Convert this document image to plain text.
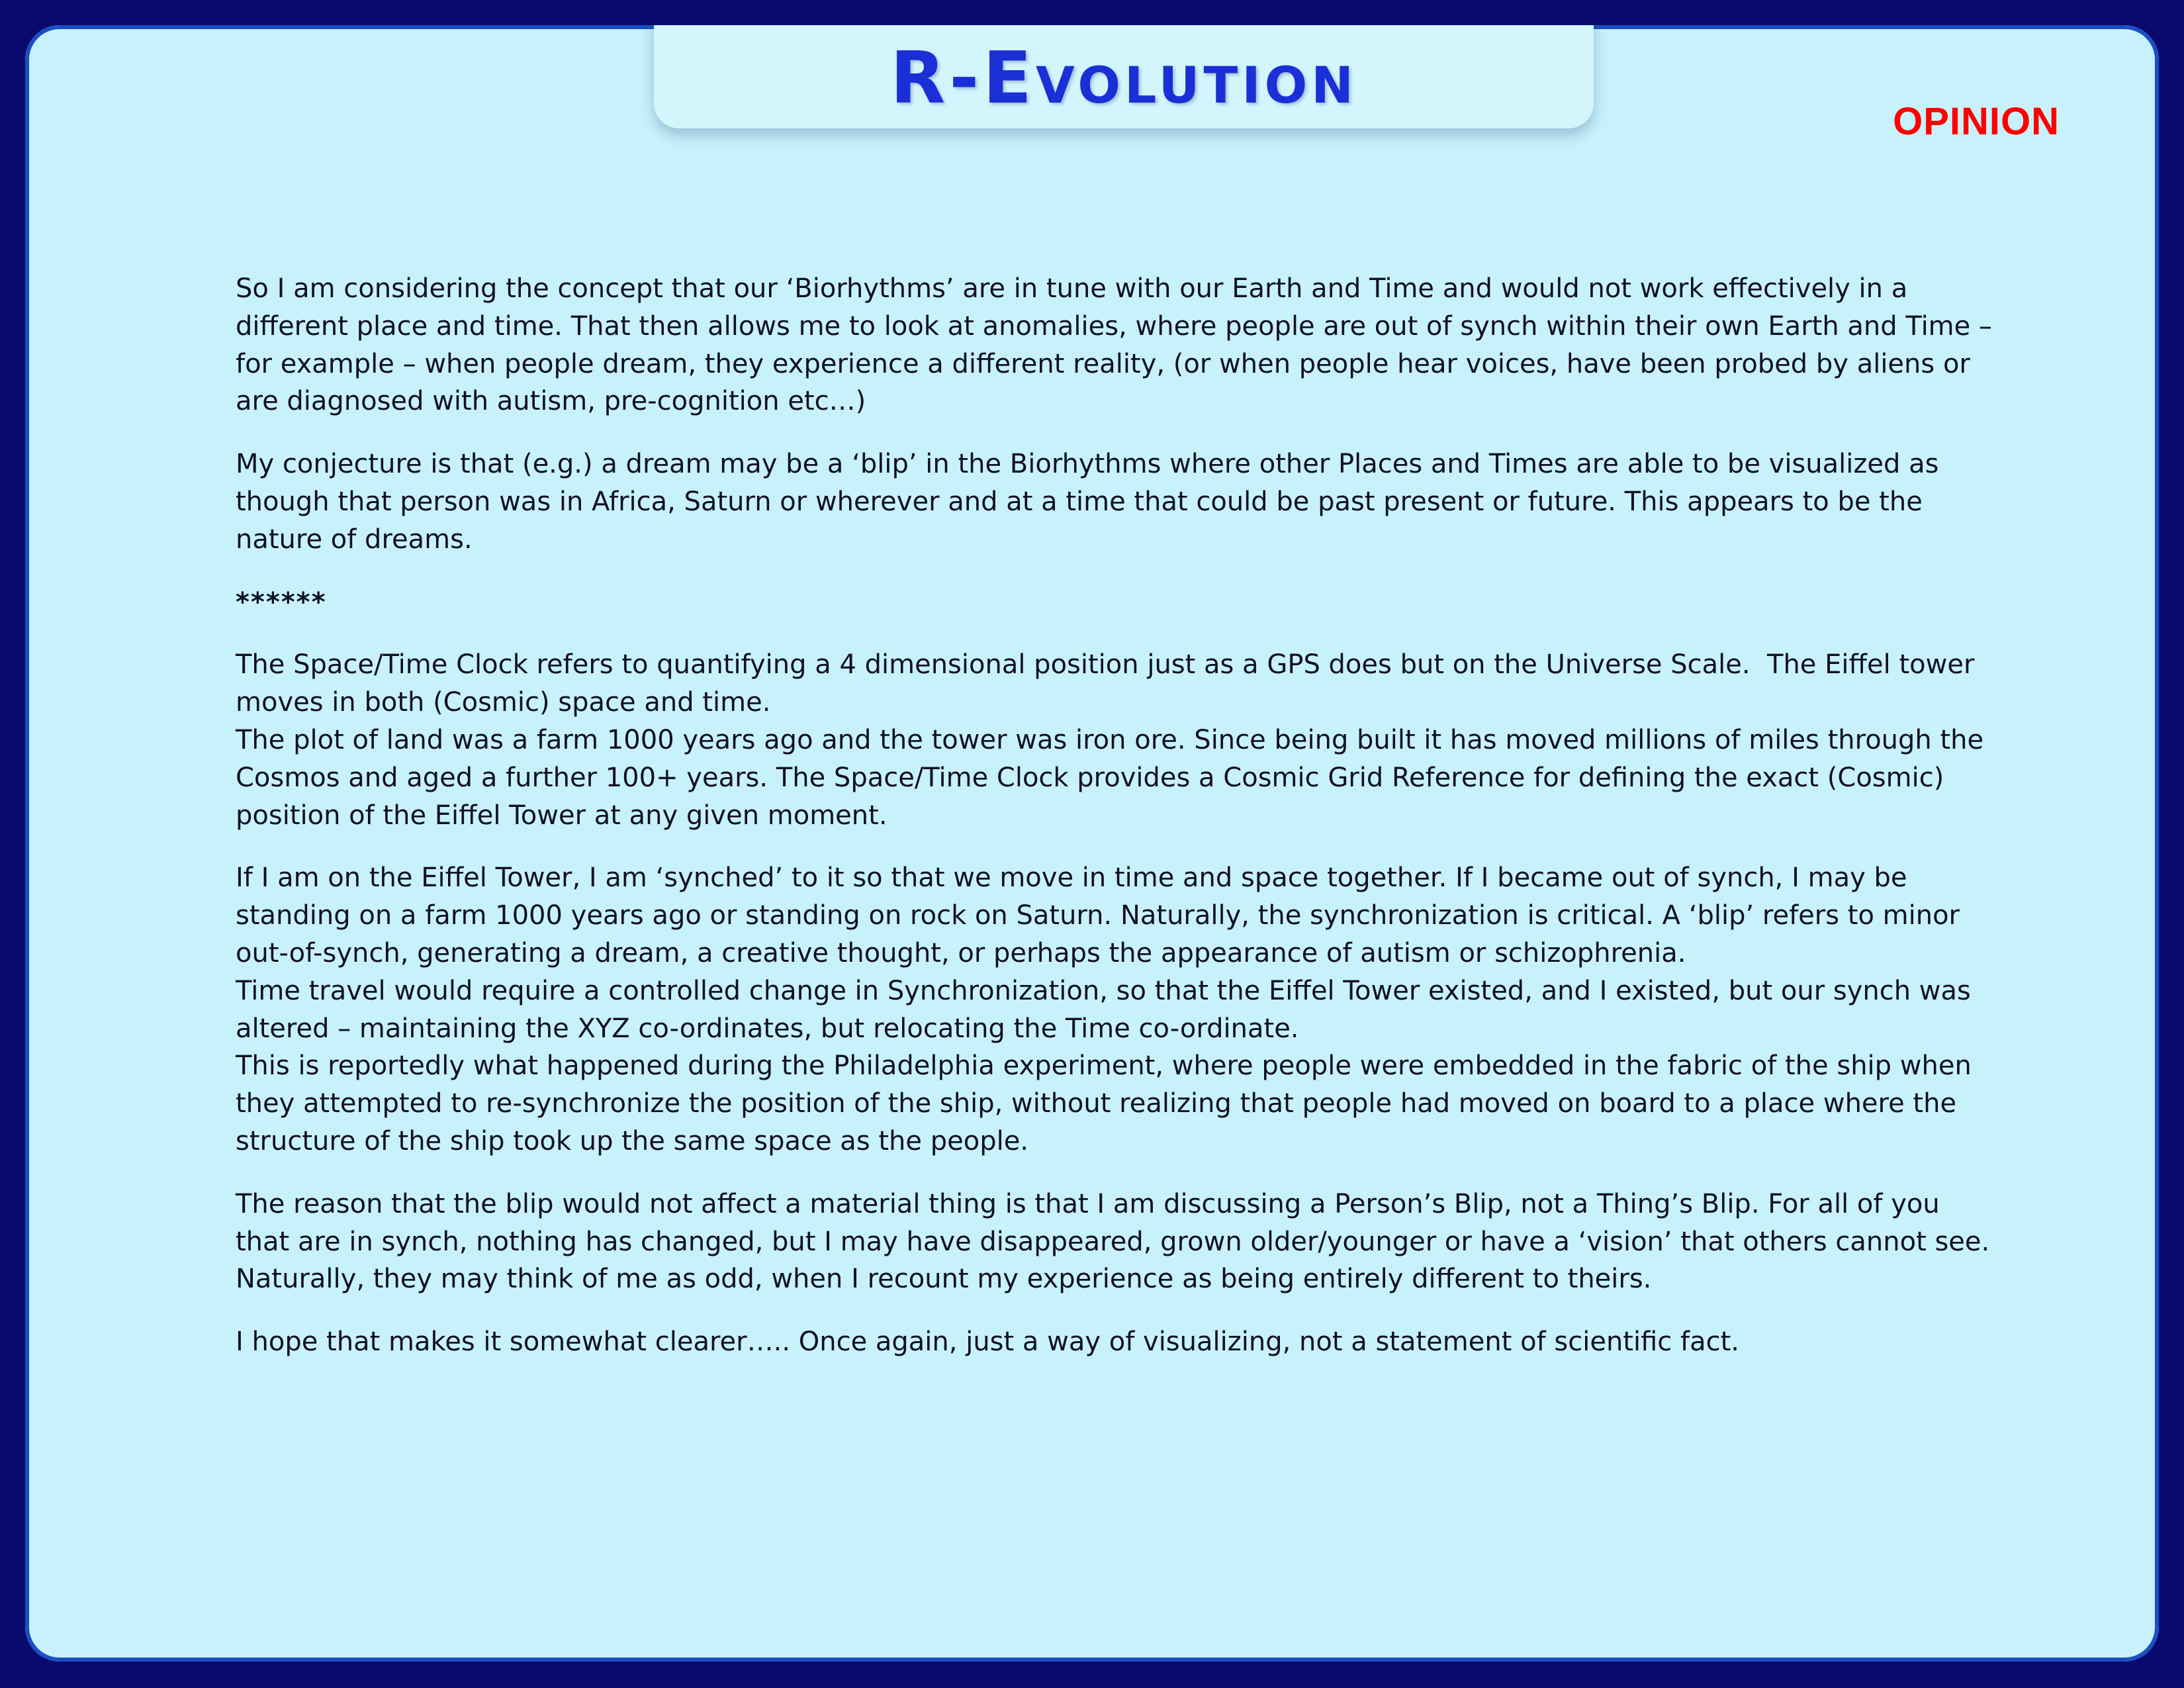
R-Evolution
OPINION

So I am considering the concept that our ‘Biorhythms’ are in tune with our Earth and Time and would not work effectively in a different place and time. That then allows me to look at anomalies, where people are out of synch within their own Earth and Time – for example – when people dream, they experience a different reality, (or when people hear voices, have been probed by aliens or are diagnosed with autism, pre-cognition etc…)

My conjecture is that (e.g.) a dream may be a ‘blip’ in the Biorhythms where other Places and Times are able to be visualized as though that person was in Africa, Saturn or wherever and at a time that could be past present or future. This appears to be the nature of dreams.

******

The Space/Time Clock refers to quantifying a 4 dimensional position just as a GPS does but on the Universe Scale.  The Eiffel tower moves in both (Cosmic) space and time.

The plot of land was a farm 1000 years ago and the tower was iron ore. Since being built it has moved millions of miles through the Cosmos and aged a further 100+ years. The Space/Time Clock provides a Cosmic Grid Reference for defining the exact (Cosmic) position of the Eiffel Tower at any given moment.

If I am on the Eiffel Tower, I am ‘synched’ to it so that we move in time and space together. If I became out of synch, I may be standing on a farm 1000 years ago or standing on rock on Saturn. Naturally, the synchronization is critical. A ‘blip’ refers to minor out-of-synch, generating a dream, a creative thought, or perhaps the appearance of autism or schizophrenia.

Time travel would require a controlled change in Synchronization, so that the Eiffel Tower existed, and I existed, but our synch was altered – maintaining the XYZ co-ordinates, but relocating the Time co-ordinate.

This is reportedly what happened during the Philadelphia experiment, where people were embedded in the fabric of the ship when they attempted to re-synchronize the position of the ship, without realizing that people had moved on board to a place where the structure of the ship took up the same space as the people.

The reason that the blip would not affect a material thing is that I am discussing a Person’s Blip, not a Thing’s Blip. For all of you that are in synch, nothing has changed, but I may have disappeared, grown older/younger or have a ‘vision’ that others cannot see. Naturally, they may think of me as odd, when I recount my experience as being entirely different to theirs.

I hope that makes it somewhat clearer….. Once again, just a way of visualizing, not a statement of scientific fact.
